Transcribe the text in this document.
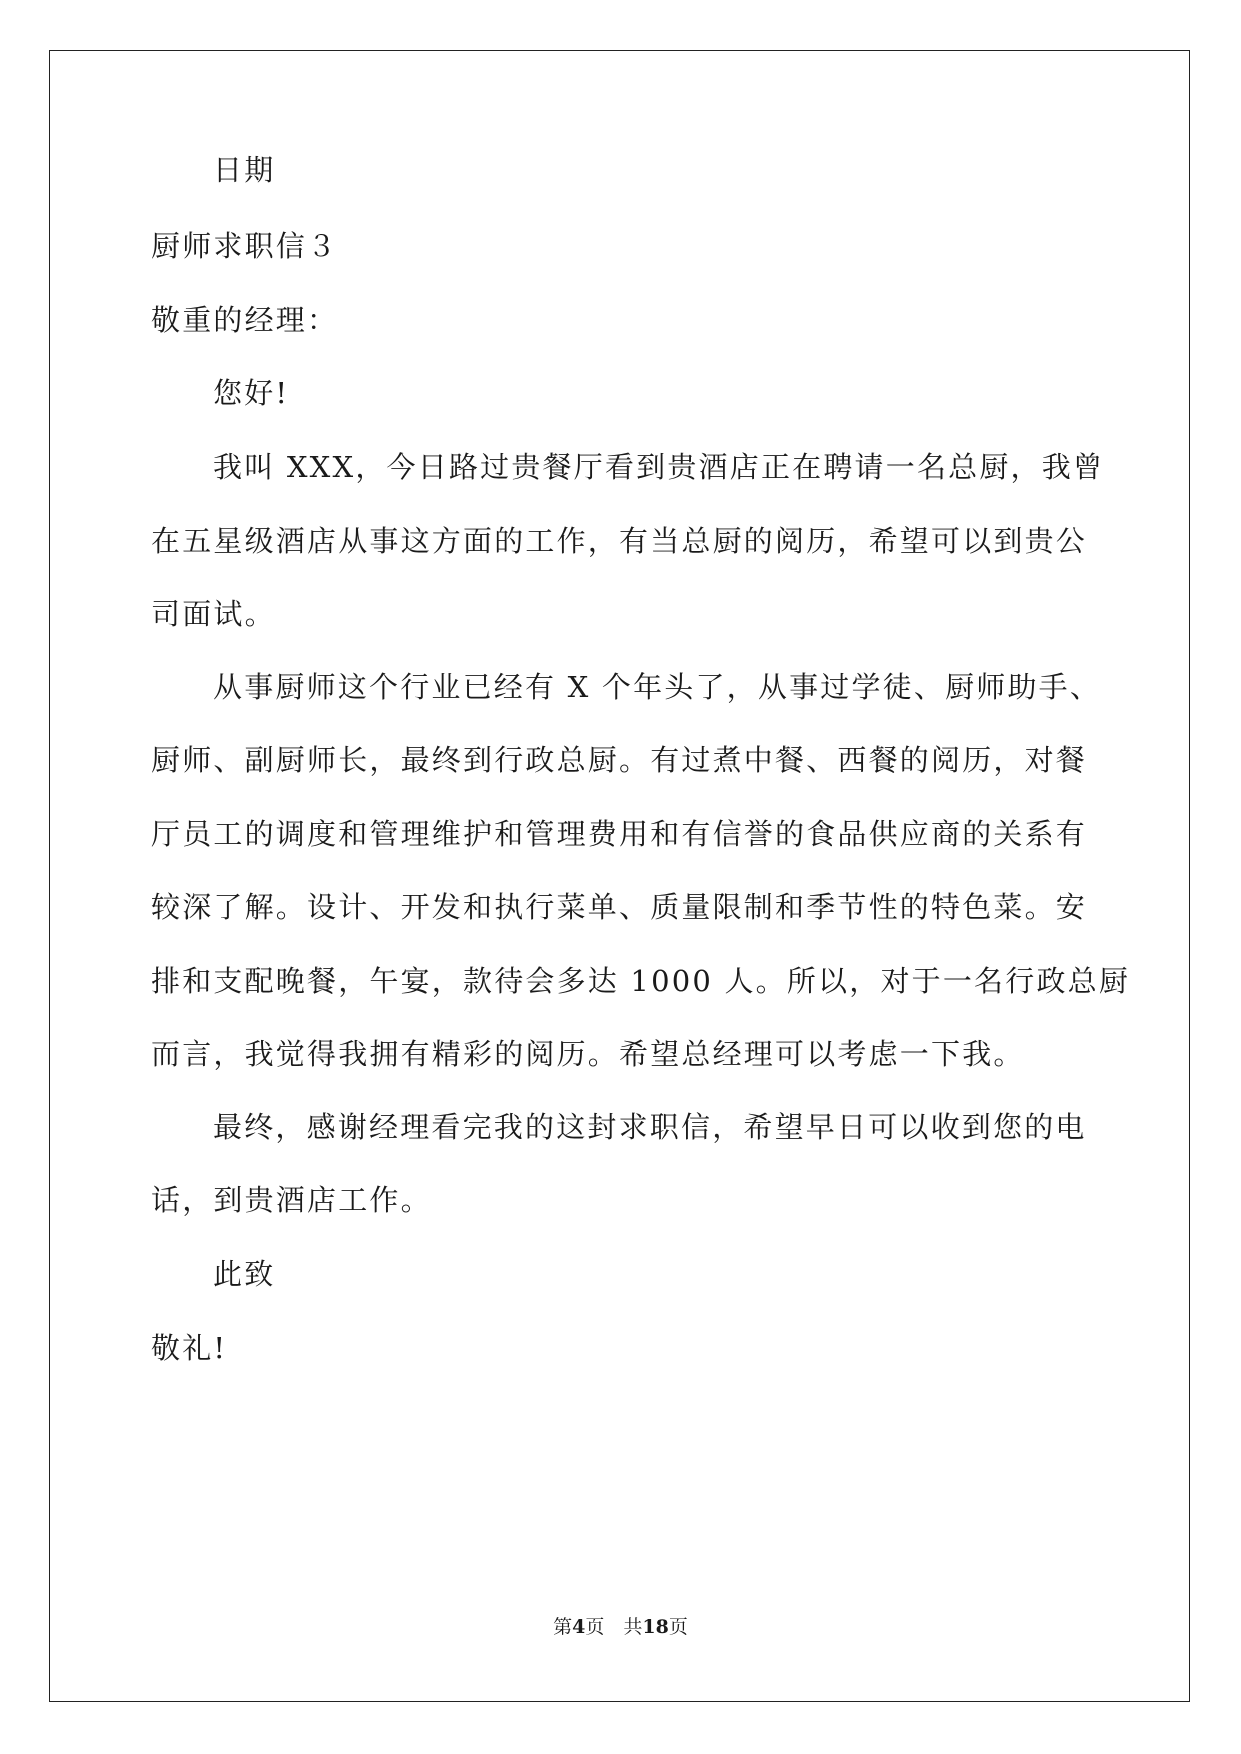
日期
厨师求职信３
敬重的经理：
您好!
我叫 XXX，今日路过贵餐厅看到贵酒店正在聘请一名总厨，我曾
在五星级酒店从事这方面的工作，有当总厨的阅历，希望可以到贵公
司面试。
从事厨师这个行业已经有 X 个年头了，从事过学徒、厨师助手、
厨师、副厨师长，最终到行政总厨。有过煮中餐、西餐的阅历，对餐
厅员工的调度和管理维护和管理费用和有信誉的食品供应商的关系有
较深了解。设计、开发和执行菜单、质量限制和季节性的特色菜。安
排和支配晚餐，午宴，款待会多达 1000 人。所以，对于一名行政总厨
而言，我觉得我拥有精彩的阅历。希望总经理可以考虑一下我。
最终，感谢经理看完我的这封求职信，希望早日可以收到您的电
话，到贵酒店工作。
此致
敬礼!
第4页　共18页
